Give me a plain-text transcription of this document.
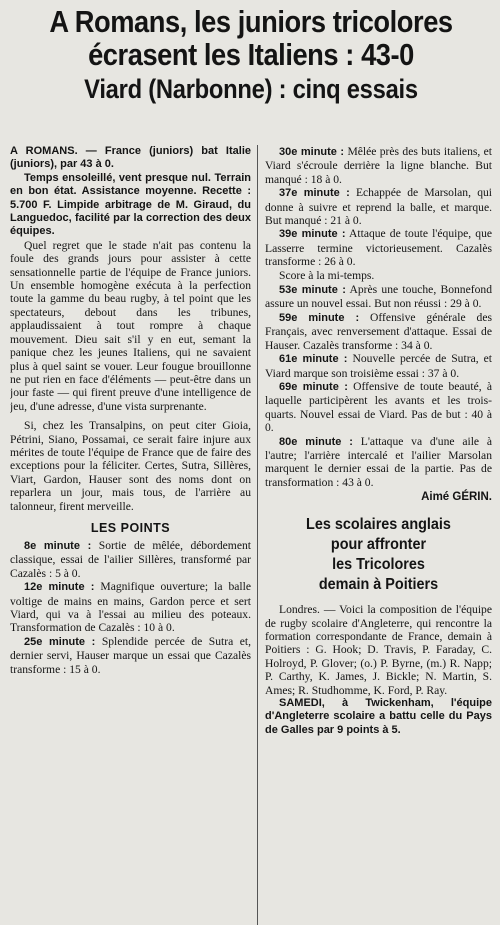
A Romans, les juniors tricolores
écrasent les Italiens : 43-0
Viard (Narbonne) : cinq essais

A ROMANS. — France (juniors) bat Italie (juniors), par 43 à 0.

Temps ensoleillé, vent presque nul. Terrain en bon état. Assistance moyenne. Recette : 5.700 F. Limpide arbitrage de M. Giraud, du Languedoc, facilité par la correction des deux équipes.

Quel regret que le stade n'ait pas contenu la foule des grands jours pour assister à cette sensationnelle partie de l'équipe de France juniors. Un ensemble homogène exécuta à la perfection toute la gamme du beau rugby, à tel point que les spectateurs, debout dans les tribunes, applaudissaient à tout rompre à chaque mouvement. Dieu sait s'il y en eut, semant la panique chez les jeunes Italiens, qui ne savaient plus à quel saint se vouer. Leur fougue brouillonne ne put rien en face d'éléments — peut-être dans un jour faste — qui firent preuve d'une intelligence de jeu, d'une adresse, d'une vista surprenante.

Si, chez les Transalpins, on peut citer Gioia, Pétrini, Siano, Possamai, ce serait faire injure aux mérites de toute l'équipe de France que de faire des exceptions pour la féliciter. Certes, Sutra, Sillères, Viart, Gardon, Hauser sont des noms dont on reparlera un jour, mais tous, de l'arrière au talonneur, firent merveille.

LES POINTS

8e minute : Sortie de mêlée, débordement classique, essai de l'ailier Sillères, transformé par Cazalès : 5 à 0.

12e minute : Magnifique ouverture; la balle voltige de mains en mains, Gardon perce et sert Viard, qui va à l'essai au milieu des poteaux. Transformation de Cazalès : 10 à 0.

25e minute : Splendide percée de Sutra et, dernier servi, Hauser marque un essai que Cazalès transforme : 15 à 0.

30e minute : Mêlée près des buts italiens, et Viard s'écroule derrière la ligne blanche. But manqué : 18 à 0.

37e minute : Echappée de Marsolan, qui donne à suivre et reprend la balle, et marque. But manqué : 21 à 0.

39e minute : Attaque de toute l'équipe, que Lasserre termine victorieusement. Cazalès transforme : 26 à 0.

Score à la mi-temps.

53e minute : Après une touche, Bonnefond assure un nouvel essai. But non réussi : 29 à 0.

59e minute : Offensive générale des Français, avec renversement d'attaque. Essai de Hauser. Cazalès transforme : 34 à 0.

61e minute : Nouvelle percée de Sutra, et Viard marque son troisième essai : 37 à 0.

69e minute : Offensive de toute beauté, à laquelle participèrent les avants et les trois-quarts. Nouvel essai de Viard. Pas de but : 40 à 0.

80e minute : L'attaque va d'une aile à l'autre; l'arrière intercalé et l'ailier Marsolan marquent le dernier essai de la partie. Pas de transformation : 43 à 0.

Aimé GÉRIN.
Les scolaires anglais
pour affronter
les Tricolores
demain à Poitiers

Londres. — Voici la composition de l'équipe de rugby scolaire d'Angleterre, qui rencontre la formation correspondante de France, demain à Poitiers : G. Hook; D. Travis, P. Faraday, C. Holroyd, P. Glover; (o.) P. Byrne, (m.) R. Napp; P. Carthy, K. James, J. Bickle; N. Martin, S. Ames; R. Studhomme, K. Ford, P. Ray.

SAMEDI, à Twickenham, l'équipe d'Angleterre scolaire a battu celle du Pays de Galles par 9 points à 5.
